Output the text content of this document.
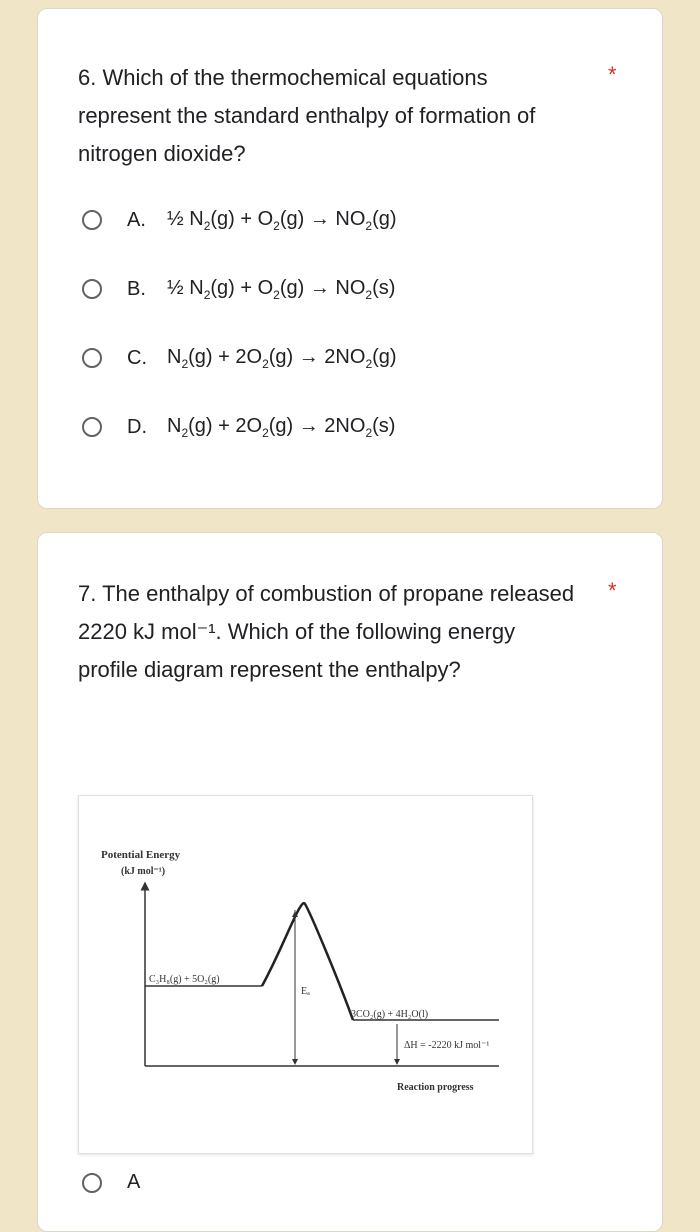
6. Which of the thermochemical equations represent the standard enthalpy of formation of nitrogen dioxide?
*
A.	½ $N_2(g) + O_2(g) \to NO_2(g)$
B.	½ $N_2(g) + O_2(g) \to NO_2(s)$
C.	$N_2(g) + 2O_2(g) \to 2NO_2(g)$
D.	$N_2(g) + 2O_2(g) \to 2NO_2(s)$
7. The enthalpy of combustion of propane released 2220 kJ mol⁻¹. Which of the following energy profile diagram represent the enthalpy?
*
Potential Energy
(kJ mol⁻¹)
C₃H₈(g) + 5O₂(g)
3CO₂(g) + 4H₂O(l)
Eₐ
ΔH = -2220 kJ mol⁻¹
Reaction progress
A
